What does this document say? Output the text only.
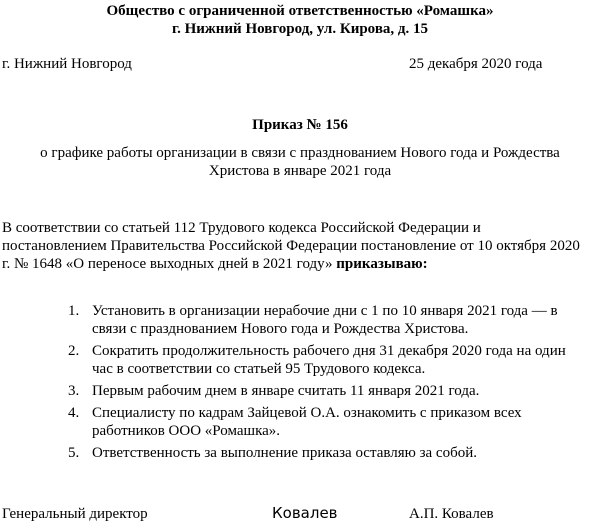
Общество с ограниченной ответственностью «Ромашка»
г. Нижний Новгород, ул. Кирова, д. 15
г. Нижний Новгород	25 декабря 2020 года
Приказ № 156
о графике работы организации в связи с празднованием Нового года и Рождества
Христова в январе 2021 года
В соответствии со статьей 112 Трудового кодекса Российской Федерации и
постановлением Правительства Российской Федерации постановление от 10 октября 2020
г. № 1648 «О переносе выходных дней в 2021 году» приказываю:
1. Установить в организации нерабочие дни с 1 по 10 января 2021 года — в
связи с празднованием Нового года и Рождества Христова.
2. Сократить продолжительность рабочего дня 31 декабря 2020 года на один
час в соответствии со статьей 95 Трудового кодекса.
3. Первым рабочим днем в январе считать 11 января 2021 года.
4. Специалисту по кадрам Зайцевой О.А. ознакомить с приказом всех
работников ООО «Ромашка».
5. Ответственность за выполнение приказа оставляю за собой.
Генеральный директор	Ковалев	А.П. Ковалев
